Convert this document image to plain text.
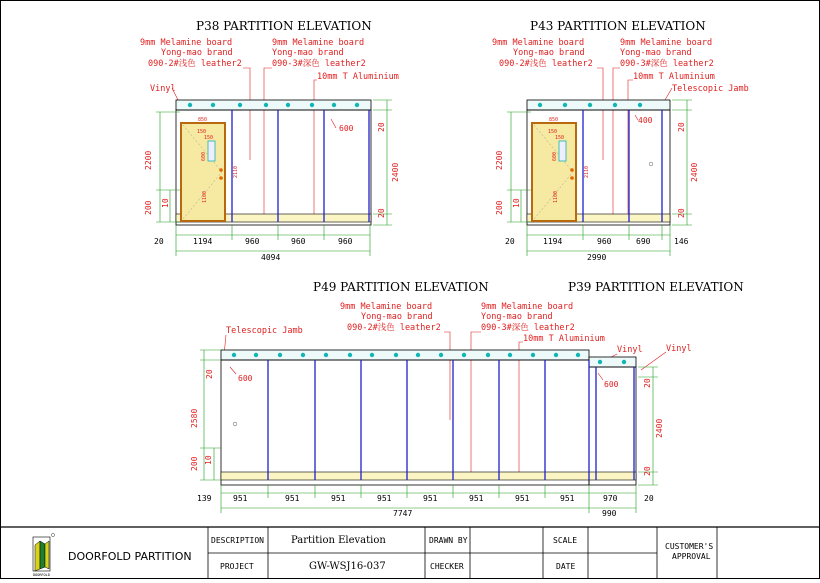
P38 PARTITION ELEVATION
9mm Melamine board
Yong-mao brand
090-2#浅色 leather2
9mm Melamine board
Yong-mao brand
090-3#深色 leather2
10mm T Aluminium
Vinyl
850
150
150
600
2110
1100
600
2200
200 10
20
2400
20
20	1194	960	960	960
4094
P43 PARTITION ELEVATION
9mm Melamine board
Yong-mao brand
090-2#浅色 leather2
9mm Melamine board
Yong-mao brand
090-3#深色 leather2
10mm T Aluminium
Telescopic Jamb
850
150
150
600
2110
1100
400
2200
200 10
20
2400
20
20	1194	960	690	146
2990
P49 PARTITION ELEVATION	P39 PARTITION ELEVATION
9mm Melamine board
Yong-mao brand
090-2#浅色 leather2
9mm Melamine board
Yong-mao brand
090-3#深色 leather2
10mm T Aluminium
Telescopic Jamb
Vinyl	Vinyl
600
600
20
2580
200 10
20
2400
20
139	951	951	951	951	951	951	951	951	970	20
7747	990
DOORFOLD
DOORFOLD PARTITION
DESCRIPTION	Partition Elevation	DRAWN BY	SCALE
CUSTOMER'S APPROVAL
PROJECT	GW-WSJ16-037	CHECKER	DATE
